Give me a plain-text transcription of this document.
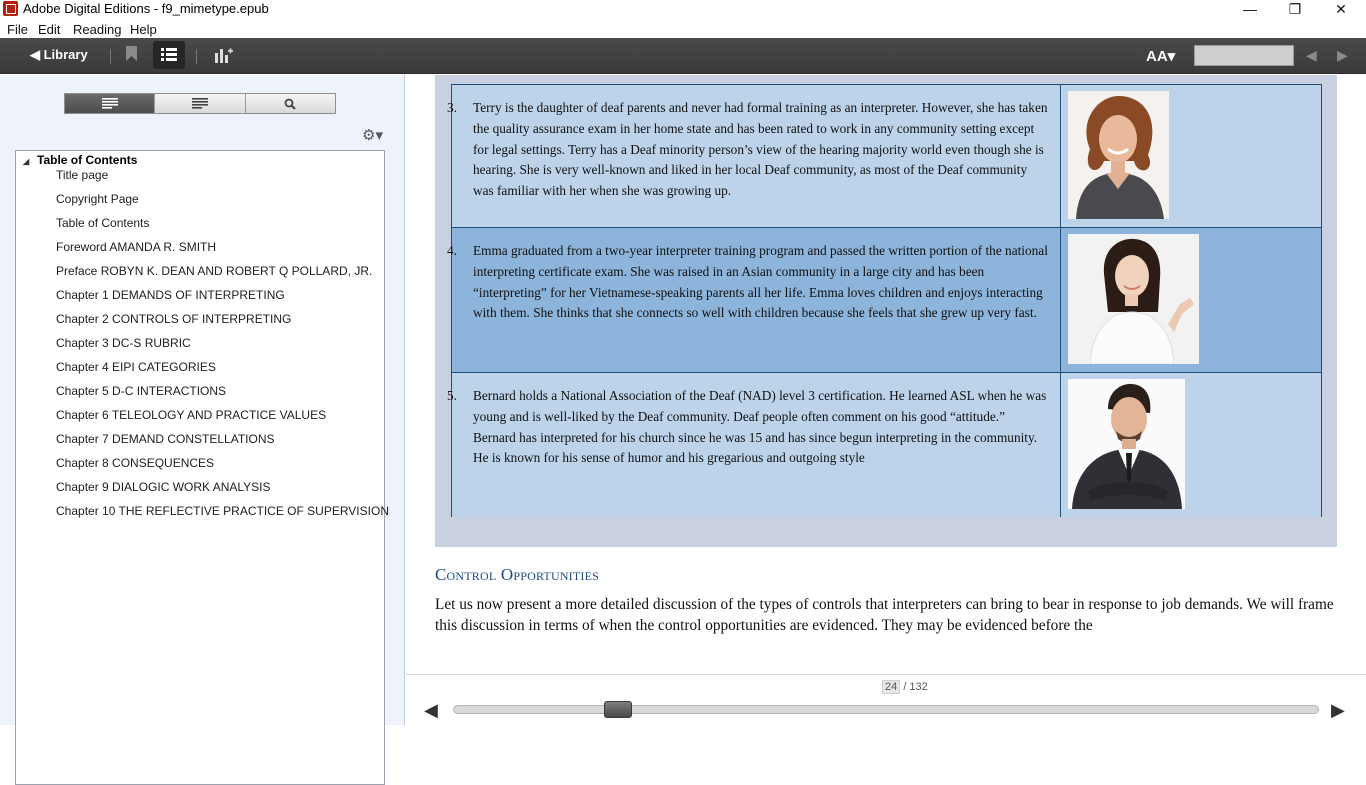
Adobe Digital Editions - f9_mimetype.epub	—	❐	✕
File Edit Reading Help
◀ Library	AA▾	◀ ▶
⚙▾
◢ Table of Contents
Title page
Copyright Page
Table of Contents
Foreword AMANDA R. SMITH
Preface ROBYN K. DEAN AND ROBERT Q POLLARD, JR.
Chapter 1 DEMANDS OF INTERPRETING
Chapter 2 CONTROLS OF INTERPRETING
Chapter 3 DC-S RUBRIC
Chapter 4 EIPI CATEGORIES
Chapter 5 D-C INTERACTIONS
Chapter 6 TELEOLOGY AND PRACTICE VALUES
Chapter 7 DEMAND CONSTELLATIONS
Chapter 8 CONSEQUENCES
Chapter 9 DIALOGIC WORK ANALYSIS
Chapter 10 THE REFLECTIVE PRACTICE OF SUPERVISION

3. Terry is the daughter of deaf parents and never had formal training as an interpreter. However, she has taken the quality assurance exam in her home state and has been rated to work in any community setting except for legal settings. Terry has a Deaf minority person’s view of the hearing majority world even though she is hearing. She is very well-known and liked in her local Deaf community, as most of the Deaf community was familiar with her when she was growing up.

4. Emma graduated from a two-year interpreter training program and passed the written portion of the national interpreting certificate exam. She was raised in an Asian community in a large city and has been “interpreting” for her Vietnamese-speaking parents all her life. Emma loves children and enjoys interacting with them. She thinks that she connects so well with children because she feels that she grew up very fast.

5. Bernard holds a National Association of the Deaf (NAD) level 3 certification. He learned ASL when he was young and is well-liked by the Deaf community. Deaf people often comment on his good “attitude.” Bernard has interpreted for his church since he was 15 and has since begun interpreting in the community. He is known for his sense of humor and his gregarious and outgoing style

Control Opportunities
Let us now present a more detailed discussion of the types of controls that interpreters can bring to bear in response to job demands. We will frame this discussion in terms of when the control opportunities are evidenced. They may be evidenced before the
24 / 132
◀	▶
